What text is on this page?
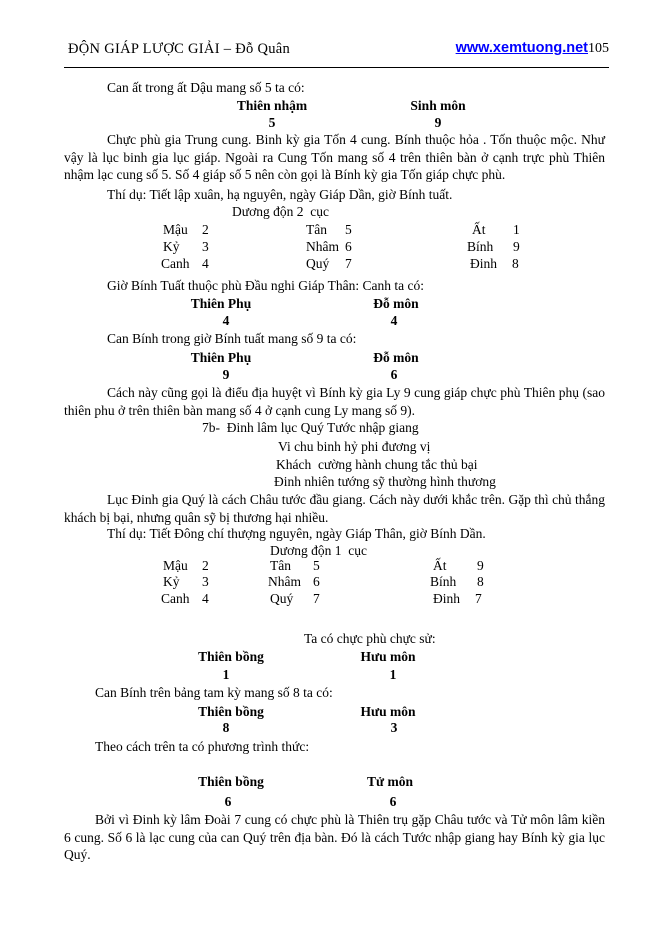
ĐỘN GIÁP LƯỢC GIẢI – Đỗ Quân	www.xemtuong.net105
Can ất trong ất Dậu mang số 5 ta có:
Thiên nhậm	Sinh môn
5	9
Chực phù gia Trung cung. Binh kỳ gia Tốn 4 cung. Bính thuộc hỏa . Tốn thuộc mộc. Như vậy là lục binh gia lục giáp. Ngoài ra Cung Tốn mang số 4 trên thiên bàn ở cạnh trực phù Thiên nhậm lạc cung số 5. Số 4 giáp số 5 nên còn gọi là Bính kỳ gia Tốn giáp chực phù.
Thí dụ: Tiết lập xuân, hạ nguyên, ngày Giáp Dần, giờ Bính tuất.
Dương độn 2  cục
Mậu 2	Tân 5	Ất 1
Kỷ 3	Nhâm 6	Bính 9
Canh 4	Quý 7	Đinh 8
Giờ Bính Tuất thuộc phù Đầu nghi Giáp Thân: Canh ta có:
Thiên Phụ	Đỗ môn
4	4
Can Bính trong giờ Bính tuất mang số 9 ta có:
Thiên Phụ	Đỗ môn
9	6
Cách này cũng gọi là điểu địa huyệt vì Bính kỳ gia Ly 9 cung giáp chực phù Thiên phụ (sao thiên phu ở trên thiên bàn mang số 4 ở cạnh cung Ly mang số 9).
7b-  Đinh lâm lục Quý Tước nhập giang
Vi chu binh hỷ phi đương vị
Khách  cường hành chung tắc thủ bại
Đinh nhiên tướng sỹ thường hình thương
Lục Đinh gia Quý là cách Châu tước đầu giang. Cách này dưới khắc trên. Gặp thì chủ thắng khách bị bại, nhưng quân sỹ bị thương hại nhiều.
Thí dụ: Tiết Đông chí thượng nguyên, ngày Giáp Thân, giờ Bính Dần.
Dương độn 1  cục
Mậu 2	Tân 5	Ất 9
Kỷ 3	Nhâm 6	Bính 8
Canh 4	Quý 7	Đinh 7
Ta có chực phù chực sử:
Thiên bồng	Hưu môn
1	1
Can Bính trên bảng tam kỳ mang số 8 ta có:
Thiên bồng	Hưu môn
8	3
Theo cách trên ta có phương trình thức:
Thiên bồng	Tử môn
6	6
Bởi vì Đinh kỳ lâm Đoài 7 cung có chực phù là Thiên trụ gặp Châu tước và Tử môn lâm kiền 6 cung. Số 6 là lạc cung của can Quý trên địa bàn. Đó là cách Tước nhập giang hay Bính kỳ gia lục Quý.
